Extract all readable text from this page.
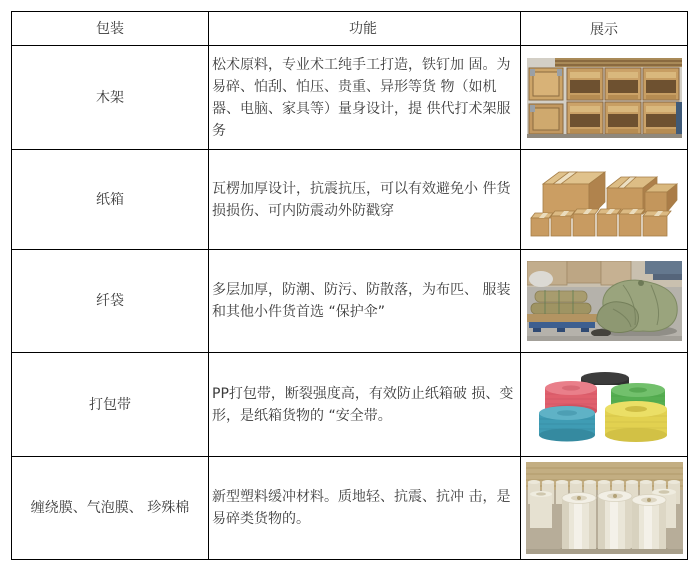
包装	功能	展示
木架
松术原料，专业术工纯手工打造，铁钉加 固。为易碎、怕刮、怕压、贵重、异形等货 物（如机器、电脑、家具等）量身设计，提 供代打术架服务
纸箱
瓦楞加厚设计，抗震抗压，可以有效避免小 件货损损伤、可内防震动外防戳穿
纤袋
多层加厚，防潮、防污、防散落，为布匹、 服装和其他小件货首选 “保护伞”
打包带
PP打包带，断裂强度高，有效防止纸箱破 损、变形，是纸箱货物的 “安全带。
缠绕膜、气泡膜、 珍殊棉
新型塑料缓冲材料。质地轻、抗震、抗冲 击，是易碎类货物的。
